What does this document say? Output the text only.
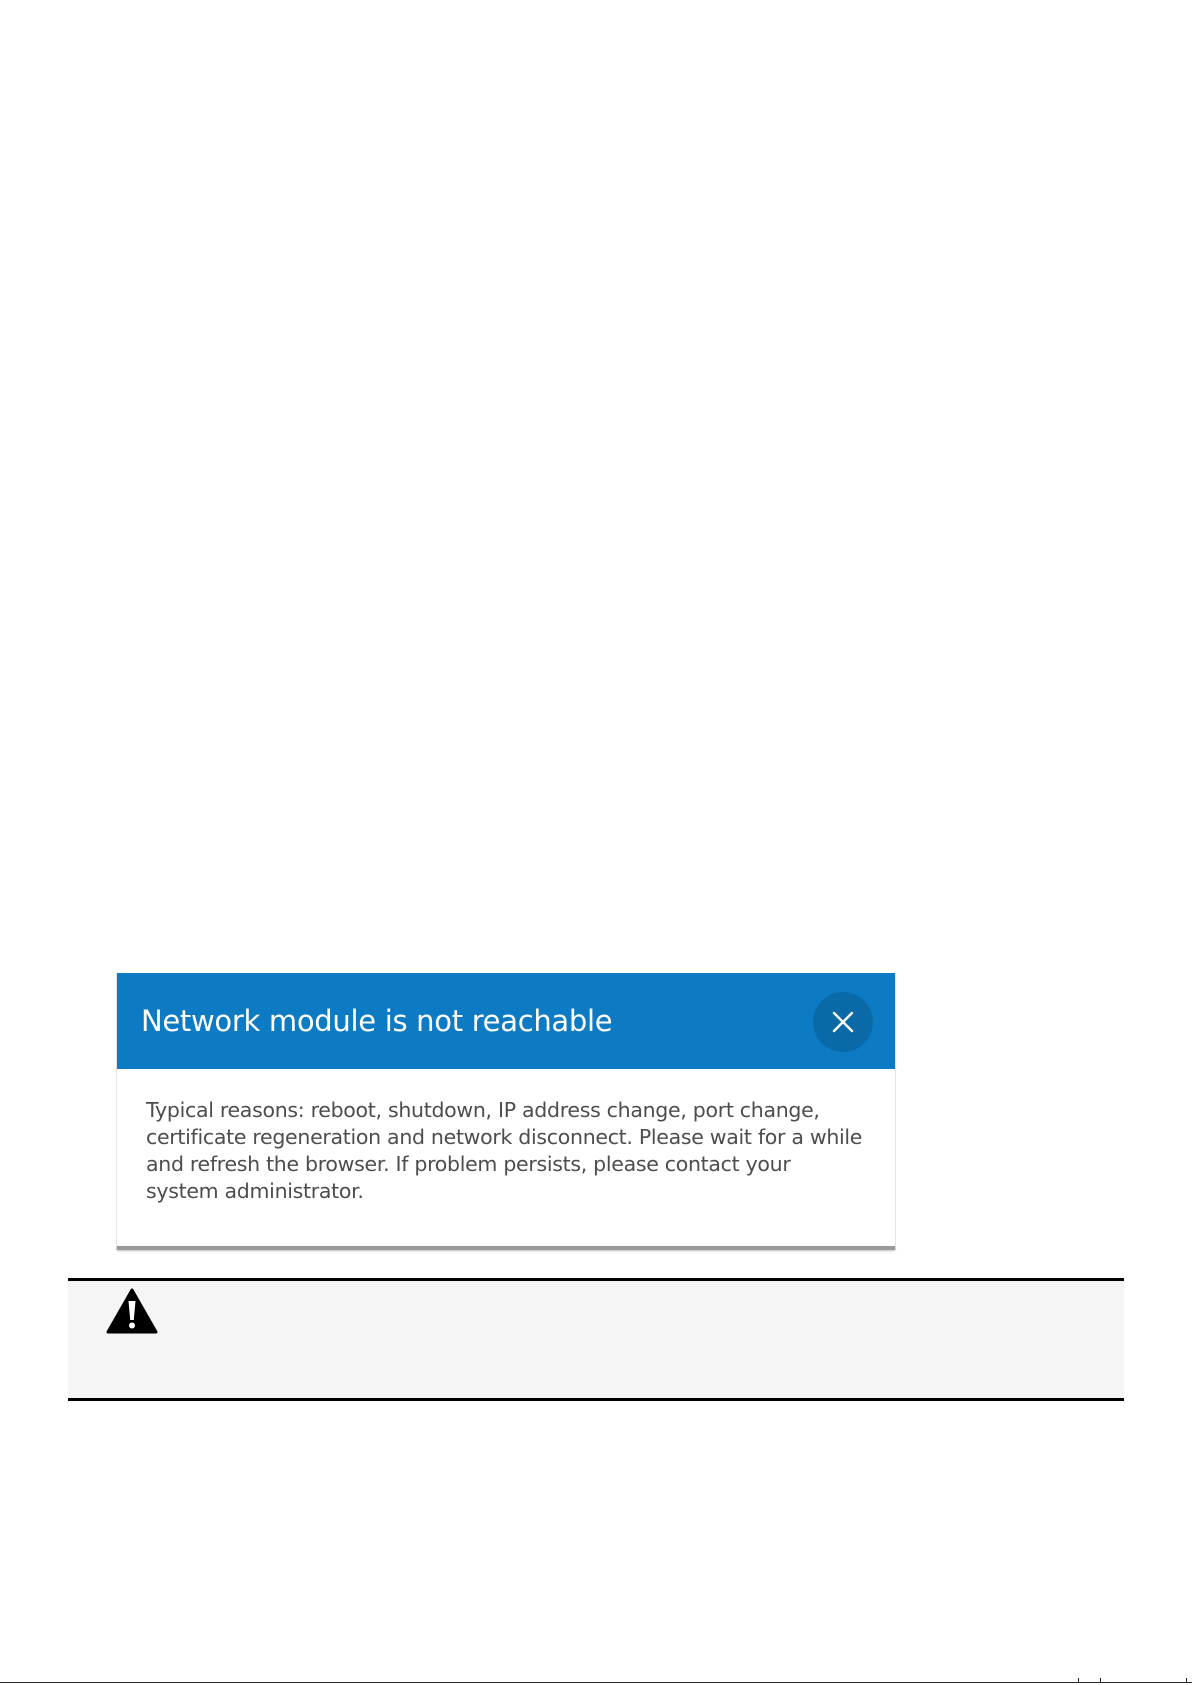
Network module is not reachable

Typical reasons: reboot, shutdown, IP address change, port change, certificate regeneration and network disconnect. Please wait for a while and refresh the browser. If problem persists, please contact your system administrator.
